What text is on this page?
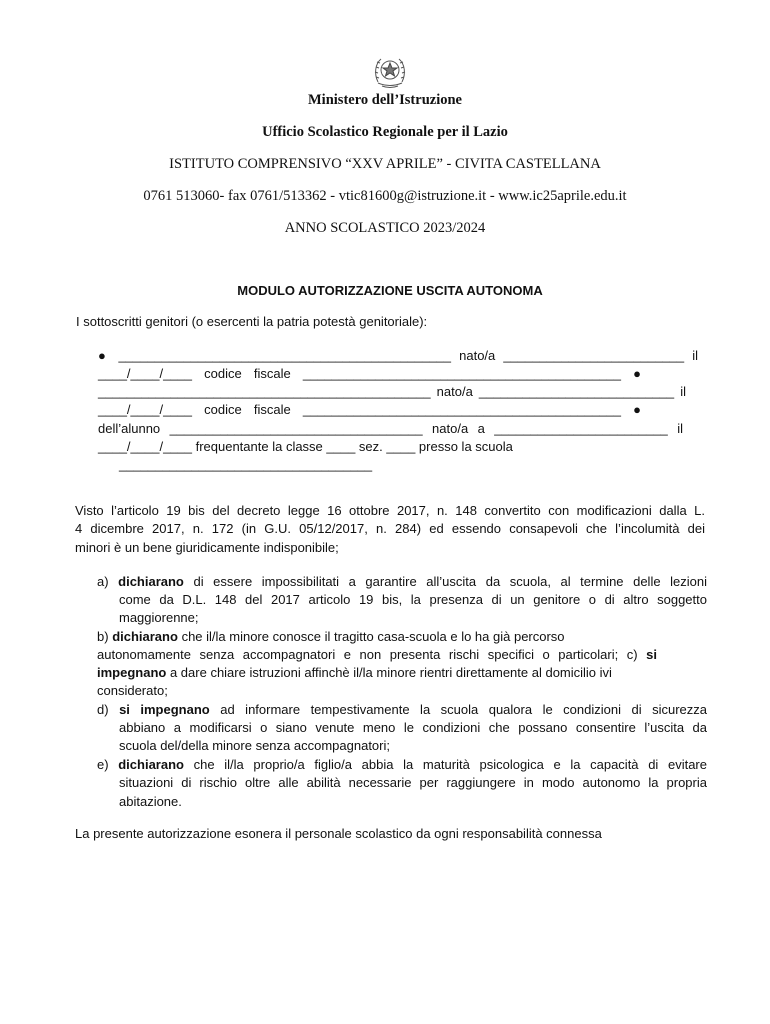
Ministero dell’Istruzione
Ufficio Scolastico Regionale per il Lazio
ISTITUTO COMPRENSIVO “XXV APRILE” - CIVITA CASTELLANA
0761 513060- fax 0761/513362 - vtic81600g@istruzione.it - www.ic25aprile.edu.it
ANNO SCOLASTICO 2023/2024
MODULO AUTORIZZAZIONE USCITA AUTONOMA
I sottoscritti genitori (o esercenti la patria potestà genitoriale):
● ______________________________________________ nato/a _________________________ il
____/____/____ codice fiscale ____________________________________________ ●
______________________________________________ nato/a ___________________________ il
____/____/____ codice fiscale ____________________________________________ ●
dell’alunno ___________________________________ nato/a a ________________________ il
____/____/____ frequentante la classe ____ sez. ____ presso la scuola
___________________________________
Visto l’articolo 19 bis del decreto legge 16 ottobre 2017, n. 148 convertito con modificazioni dalla L.
4 dicembre 2017, n. 172 (in G.U. 05/12/2017, n. 284) ed essendo consapevoli che l’incolumità dei
minori è un bene giuridicamente indisponibile;
a) dichiarano di essere impossibilitati a garantire all’uscita da scuola, al termine delle lezioni
come da D.L. 148 del 2017 articolo 19 bis, la presenza di un genitore o di altro soggetto
maggiorenne;
b) dichiarano che il/la minore conosce il tragitto casa-scuola e lo ha già percorso
autonomamente senza accompagnatori e non presenta rischi specifici o particolari; c) si
impegnano a dare chiare istruzioni affinchè il/la minore rientri direttamente al domicilio ivi
considerato;
d) si impegnano ad informare tempestivamente la scuola qualora le condizioni di sicurezza
abbiano a modificarsi o siano venute meno le condizioni che possano consentire l’uscita da
scuola del/della minore senza accompagnatori;
e) dichiarano che il/la proprio/a figlio/a abbia la maturità psicologica e la capacità di evitare
situazioni di rischio oltre alle abilità necessarie per raggiungere in modo autonomo la propria
abitazione.
La presente autorizzazione esonera il personale scolastico da ogni responsabilità connessa
